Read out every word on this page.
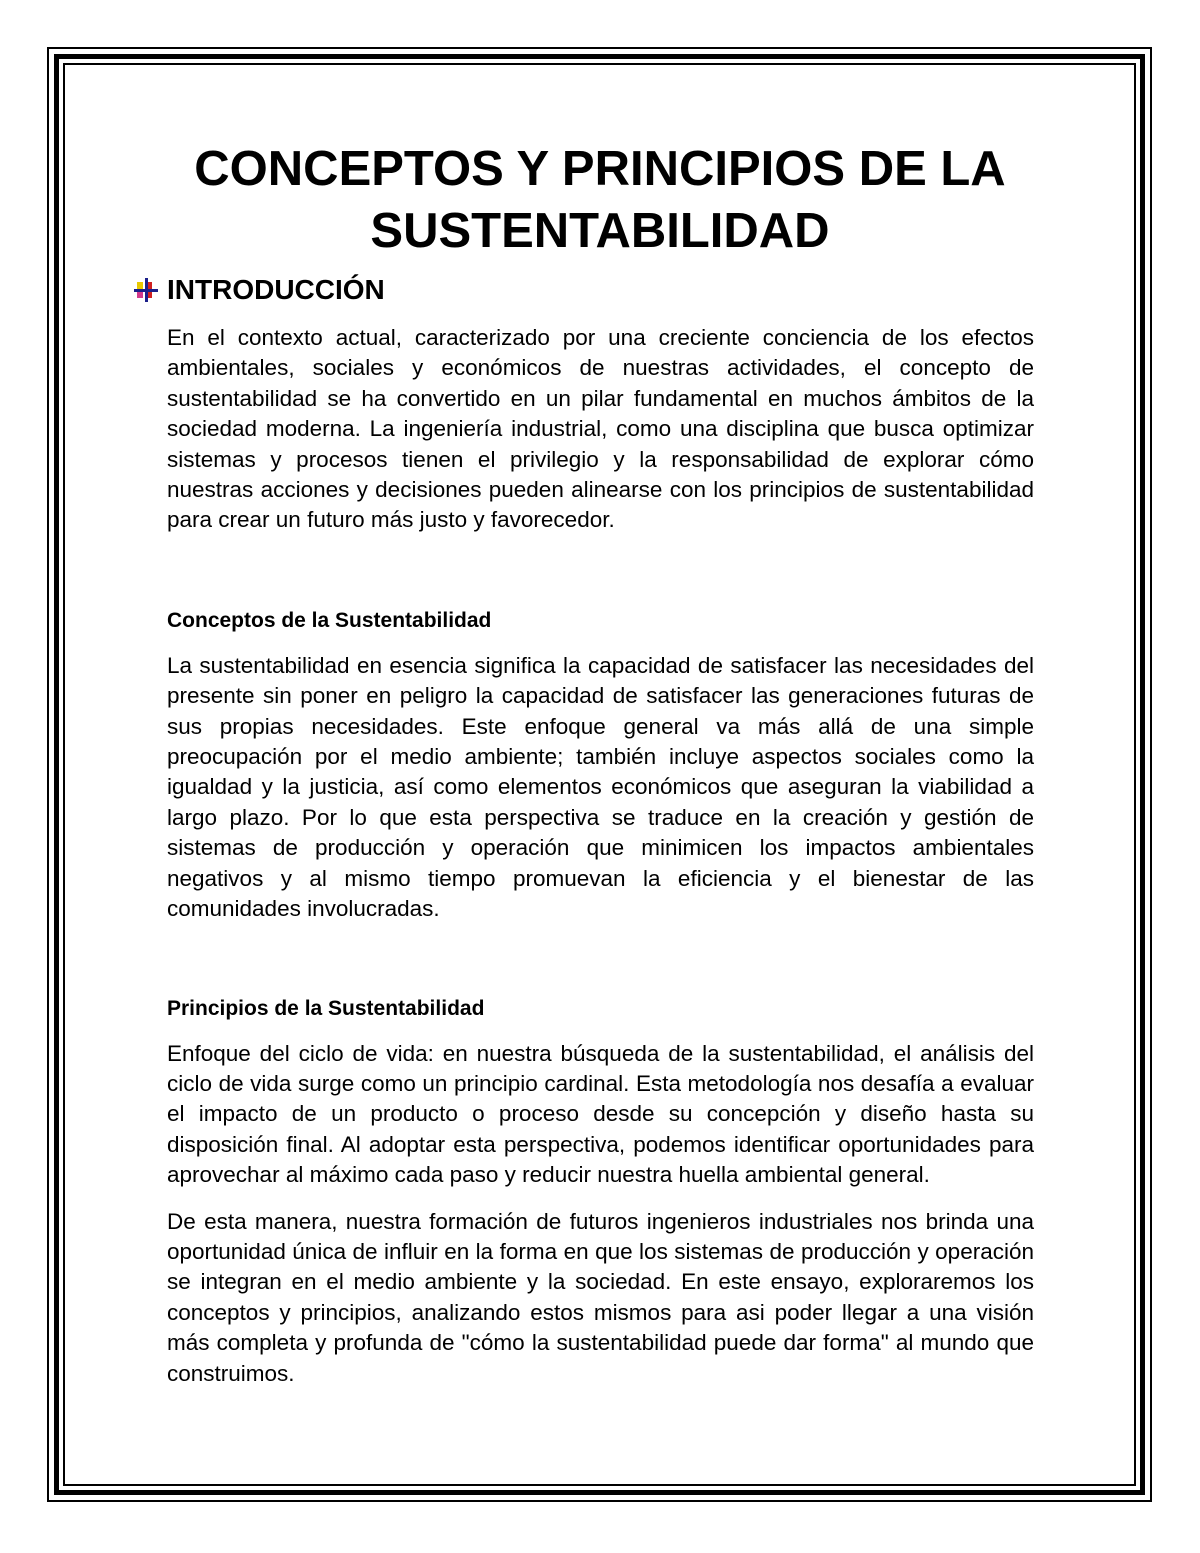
CONCEPTOS Y PRINCIPIOS DE LA
SUSTENTABILIDAD
INTRODUCCIÓN

En el contexto actual, caracterizado por una creciente conciencia de los efectos ambientales, sociales y económicos de nuestras actividades, el concepto de sustentabilidad se ha convertido en un pilar fundamental en muchos ámbitos de la sociedad moderna. La ingeniería industrial, como una disciplina que busca optimizar sistemas y procesos tienen el privilegio y la responsabilidad de explorar cómo nuestras acciones y decisiones pueden alinearse con los principios de sustentabilidad para crear un futuro más justo y favorecedor.

Conceptos de la Sustentabilidad

La sustentabilidad en esencia significa la capacidad de satisfacer las necesidades del presente sin poner en peligro la capacidad de satisfacer las generaciones futuras de sus propias necesidades. Este enfoque general va más allá de una simple preocupación por el medio ambiente; también incluye aspectos sociales como la igualdad y la justicia, así como elementos económicos que aseguran la viabilidad a largo plazo. Por lo que esta perspectiva se traduce en la creación y gestión de sistemas de producción y operación que minimicen los impactos ambientales negativos y al mismo tiempo promuevan la eficiencia y el bienestar de las comunidades involucradas.

Principios de la Sustentabilidad

Enfoque del ciclo de vida: en nuestra búsqueda de la sustentabilidad, el análisis del ciclo de vida surge como un principio cardinal. Esta metodología nos desafía a evaluar el impacto de un producto o proceso desde su concepción y diseño hasta su disposición final. Al adoptar esta perspectiva, podemos identificar oportunidades para aprovechar al máximo cada paso y reducir nuestra huella ambiental general.

De esta manera, nuestra formación de futuros ingenieros industriales nos brinda una oportunidad única de influir en la forma en que los sistemas de producción y operación se integran en el medio ambiente y la sociedad. En este ensayo, exploraremos los conceptos y principios, analizando estos mismos para asi poder llegar a una visión más completa y profunda de "cómo la sustentabilidad puede dar forma" al mundo que construimos.
